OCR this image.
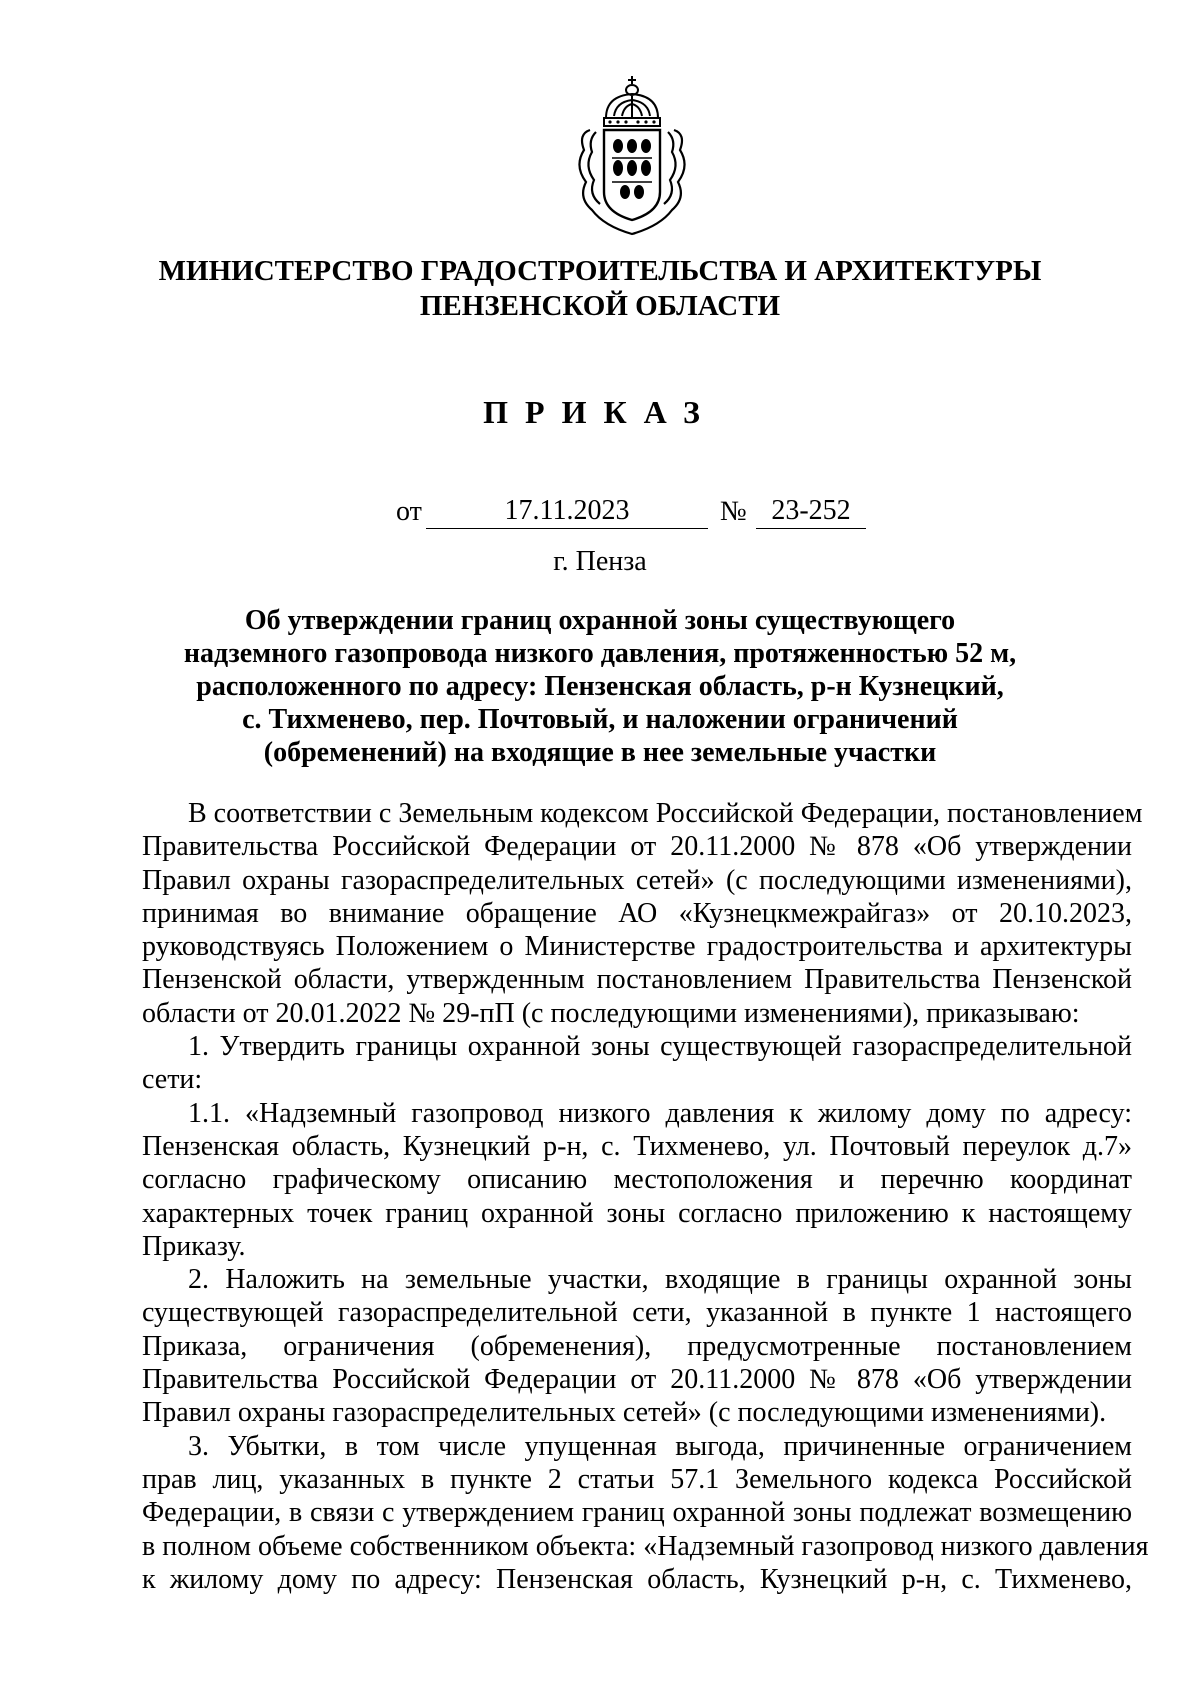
МИНИСТЕРСТВО ГРАДОСТРОИТЕЛЬСТВА И АРХИТЕКТУРЫ
ПЕНЗЕНСКОЙ ОБЛАСТИ
ПРИКАЗ
от	17.11.2023	№ 23-252
г. Пенза
Об утверждении границ охранной зоны существующего
надземного газопровода низкого давления, протяженностью 52 м,
расположенного по адресу: Пензенская область, р-н Кузнецкий,
с. Тихменево, пер. Почтовый, и наложении ограничений
(обременений) на входящие в нее земельные участки
В соответствии с Земельным кодексом Российской Федерации, постановлением
Правительства Российской Федерации от 20.11.2000 № 878 «Об утверждении
Правил охраны газораспределительных сетей» (с последующими изменениями),
принимая во внимание обращение АО «Кузнецкмежрайгаз» от 20.10.2023,
руководствуясь Положением о Министерстве градостроительства и архитектуры
Пензенской области, утвержденным постановлением Правительства Пензенской
области от 20.01.2022 № 29-пП (с последующими изменениями), приказываю:
1. Утвердить границы охранной зоны существующей газораспределительной
сети:
1.1. «Надземный газопровод низкого давления к жилому дому по адресу:
Пензенская область, Кузнецкий р-н, с. Тихменево, ул. Почтовый переулок д.7»
согласно графическому описанию местоположения и перечню координат
характерных точек границ охранной зоны согласно приложению к настоящему
Приказу.
2. Наложить на земельные участки, входящие в границы охранной зоны
существующей газораспределительной сети, указанной в пункте 1 настоящего
Приказа, ограничения (обременения), предусмотренные постановлением
Правительства Российской Федерации от 20.11.2000 № 878 «Об утверждении
Правил охраны газораспределительных сетей» (с последующими изменениями).
3. Убытки, в том числе упущенная выгода, причиненные ограничением
прав лиц, указанных в пункте 2 статьи 57.1 Земельного кодекса Российской
Федерации, в связи с утверждением границ охранной зоны подлежат возмещению
в полном объеме собственником объекта: «Надземный газопровод низкого давления
к жилому дому по адресу: Пензенская область, Кузнецкий р-н, с. Тихменево,
